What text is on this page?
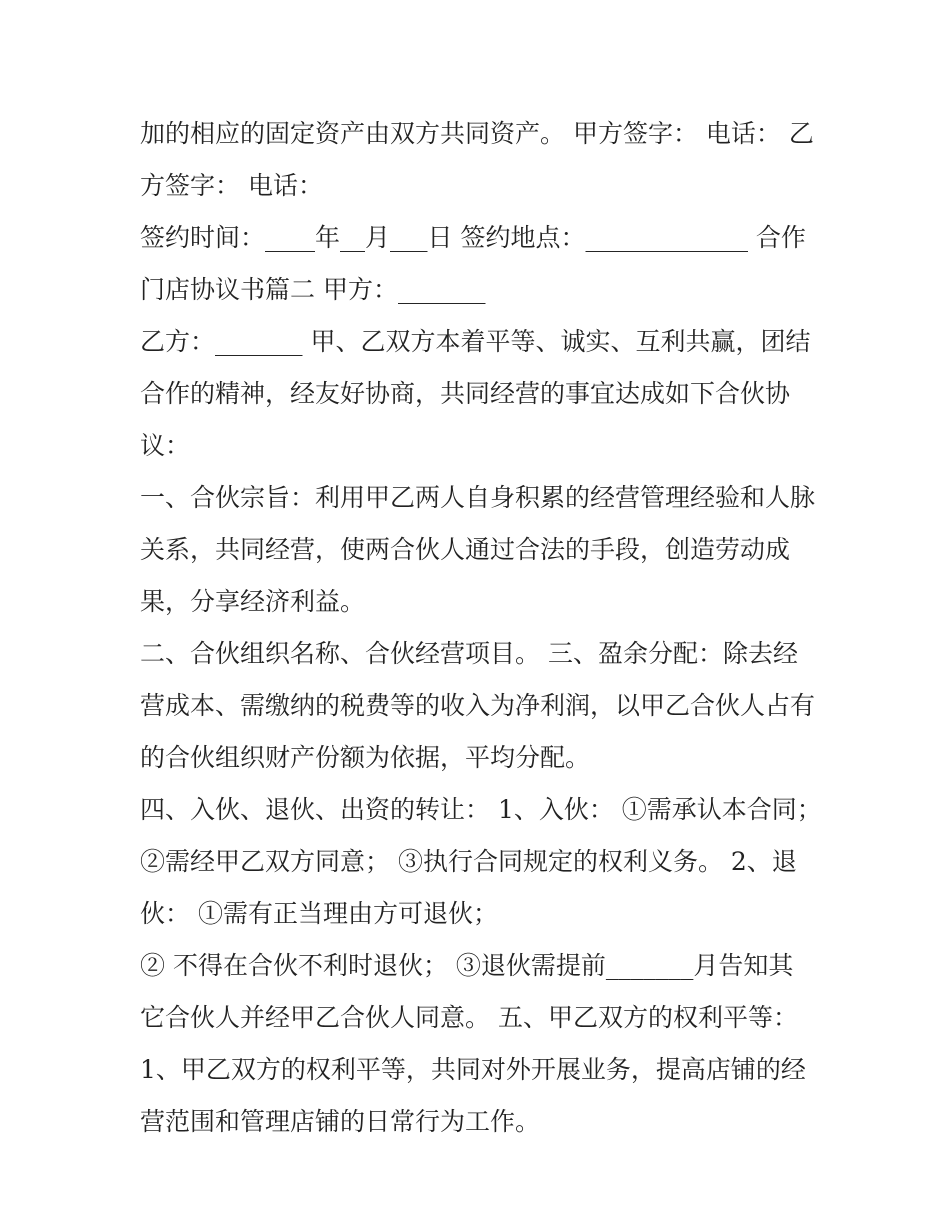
加的相应的固定资产由双方共同资产。 甲方签字： 电话： 乙
方签字： 电话：
签约时间：____年__月___日 签约地点：_____________ 合作
门店协议书篇二 甲方：_______
乙方：_______ 甲、乙双方本着平等、诚实、互利共赢，团结
合作的精神，经友好协商，共同经营的事宜达成如下合伙协
议：
一、合伙宗旨：利用甲乙两人自身积累的经营管理经验和人脉
关系，共同经营，使两合伙人通过合法的手段，创造劳动成
果，分享经济利益。
二、合伙组织名称、合伙经营项目。 三、盈余分配：除去经
营成本、需缴纳的税费等的收入为净利润，以甲乙合伙人占有
的合伙组织财产份额为依据，平均分配。
四、入伙、退伙、出资的转让： 1、入伙： ①需承认本合同；
②需经甲乙双方同意； ③执行合同规定的权利义务。 2、退
伙： ①需有正当理由方可退伙；
② 不得在合伙不利时退伙； ③退伙需提前_______月告知其
它合伙人并经甲乙合伙人同意。 五、甲乙双方的权利平等：
1、甲乙双方的权利平等，共同对外开展业务，提高店铺的经
营范围和管理店铺的日常行为工作。
